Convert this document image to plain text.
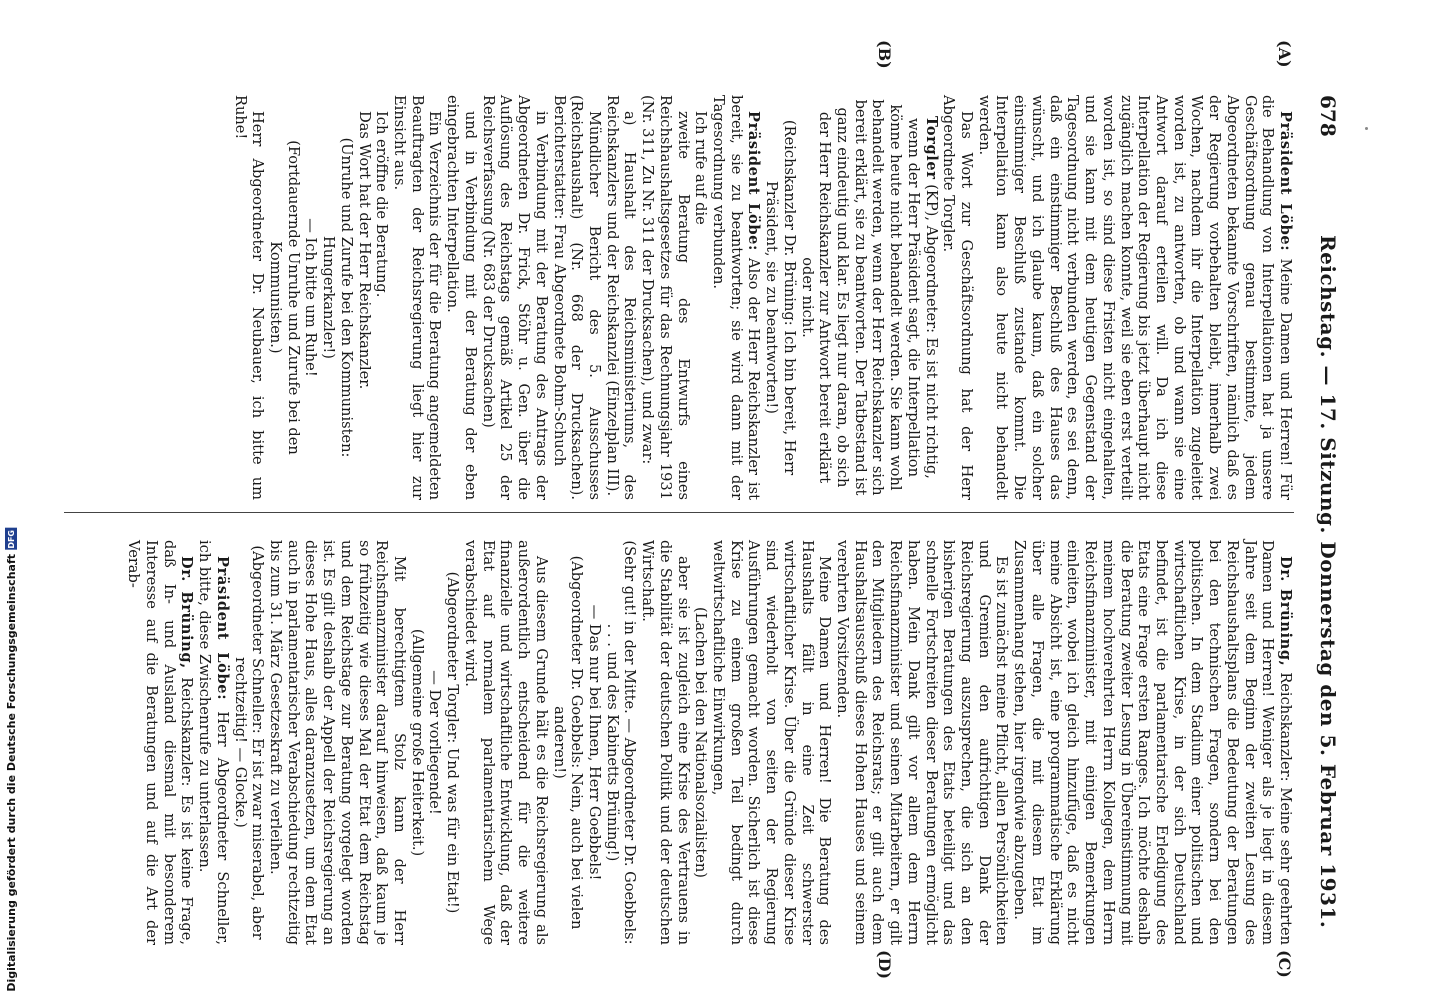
678
Reichstag. — 17. Sitzung. Donnerstag den 5. Februar 1931.
(A)
(B)
(C)
(D)

Präsident Löbe: Meine Damen und Herren! Für die Behandlung von Interpellationen hat ja unsere Geschäftsordnung genau bestimmte, jedem Abgeordneten bekannte Vorschriften, nämlich daß es der Regierung vorbehalten bleibt, innerhalb zwei Wochen, nachdem ihr die Interpellation zugeleitet worden ist, zu antworten, ob und wann sie eine Antwort darauf erteilen will. Da ich diese Interpellation der Regierung bis jetzt überhaupt nicht zugänglich machen konnte, weil sie eben erst verteilt worden ist, so sind diese Fristen nicht eingehalten, und sie kann mit dem heutigen Gegenstand der Tagesordnung nicht verbunden werden, es sei denn, daß ein einstimmiger Beschluß des Hauses das wünscht, und ich glaube kaum, daß ein solcher einstimmiger Beschluß zustande kommt. Die Interpellation kann also heute nicht behandelt werden.

Das Wort zur Geschäftsordnung hat der Herr Abgeordnete Torgler.

Torgler (KP), Abgeordneter: Es ist nicht richtig, wenn der Herr Präsident sagt, die Interpellation könne heute nicht behandelt werden. Sie kann wohl behandelt werden, wenn der Herr Reichskanzler sich bereit erklärt, sie zu beantworten. Der Tatbestand ist ganz eindeutig und klar. Es liegt nur daran, ob sich der Herr Reichskanzler zur Antwort bereit erklärt oder nicht.

(Reichskanzler Dr. Brüning: Ich bin bereit, Herr Präsident, sie zu beantworten!)

Präsident Löbe: Also der Herr Reichskanzler ist bereit, sie zu beantworten; sie wird dann mit der Tagesordnung verbunden.

Ich rufe auf die

zweite Beratung des Entwurfs eines Reichshaushaltsgesetzes für das Rechnungsjahr 1931 (Nr. 311, Zu Nr. 311 der Drucksachen), und zwar:

a) Haushalt des Reichsministeriums, des Reichskanzlers und der Reichskanzlei (Einzelplan III).

Mündlicher Bericht des 5. Ausschusses (Reichshaushalt) (Nr. 668 der Drucksachen). Berichterstatter: Frau Abgeordnete Bohm-Schuch

in Verbindung mit der Beratung des Antrags der Abgeordneten Dr. Frick, Stöhr u. Gen. über die Auflösung des Reichstags gemäß Artikel 25 der Reichsverfassung (Nr. 683 der Drucksachen)

und in Verbindung mit der Beratung der eben eingebrachten Interpellation.

Ein Verzeichnis der für die Beratung angemeldeten Beauftragten der Reichsregierung liegt hier zur Einsicht aus.

Ich eröffne die Beratung.

Das Wort hat der Herr Reichskanzler.

(Unruhe und Zurufe bei den Kommunisten: Hungerkanzler!)

— Ich bitte um Ruhe!

(Fortdauernde Unruhe und Zurufe bei den Kommunisten.)

Herr Abgeordneter Dr. Neubauer, ich bitte um Ruhe!

Dr. Brüning, Reichskanzler: Meine sehr geehrten Damen und Herren! Weniger als je liegt in diesem Jahre seit dem Beginn der zweiten Lesung des Reichshaushaltsplans die Bedeutung der Beratungen bei den technischen Fragen, sondern bei den politischen. In dem Stadium einer politischen und wirtschaftlichen Krise, in der sich Deutschland befindet, ist die parlamentarische Erledigung des Etats eine Frage ersten Ranges. Ich möchte deshalb die Beratung zweiter Lesung in Übereinstimmung mit meinem hochverehrten Herrn Kollegen, dem Herrn Reichsfinanzminister, mit einigen Bemerkungen einleiten, wobei ich gleich hinzufüge, daß es nicht meine Absicht ist, eine programmatische Erklärung über alle Fragen, die mit diesem Etat im Zusammenhang stehen, hier irgendwie abzugeben.

Es ist zunächst meine Pflicht, allen Persönlichkeiten und Gremien den aufrichtigen Dank der Reichsregierung auszusprechen, die sich an den bisherigen Beratungen des Etats beteiligt und das schnelle Fortschreiten dieser Beratungen ermöglicht haben. Mein Dank gilt vor allem dem Herrn Reichsfinanzminister und seinen Mitarbeitern, er gilt den Mitgliedern des Reichsrats; er gilt auch dem Haushaltsausschuß dieses Hohen Hauses und seinem verehrten Vorsitzenden.

Meine Damen und Herren! Die Beratung des Haushalts fällt in eine Zeit schwerster wirtschaftlicher Krise. Über die Gründe dieser Krise sind wiederholt von seiten der Regierung Ausführungen gemacht worden. Sicherlich ist diese Krise zu einem großen Teil bedingt durch weltwirtschaftliche Einwirkungen,

(Lachen bei den Nationalsozialisten)

aber sie ist zugleich eine Krise des Vertrauens in die Stabilität der deutschen Politik und der deutschen Wirtschaft.

(Sehr gut! in der Mitte. — Abgeordneter Dr. Goebbels: . . . und des Kabinetts Brüning!)

— Das nur bei Ihnen, Herr Goebbels!

(Abgeordneter Dr. Goebbels: Nein, auch bei vielen anderen!)

Aus diesem Grunde hält es die Reichsregierung als außerordentlich entscheidend für die weitere finanzielle und wirtschaftliche Entwicklung, daß der Etat auf normalem parlamentarischem Wege verabschiedet wird.

(Abgeordneter Torgler: Und was für ein Etat!)

— Der vorliegende!

(Allgemeine große Heiterkeit.)

Mit berechtigtem Stolz kann der Herr Reichsfinanzminister darauf hinweisen, daß kaum je so frühzeitig wie dieses Mal der Etat dem Reichstag und dem Reichstage zur Beratung vorgelegt worden ist. Es gilt deshalb der Appell der Reichsregierung an dieses Hohe Haus, alles daranzusetzen, um dem Etat auch in parlamentarischer Verabschiedung rechtzeitig bis zum 31. März Gesetzeskraft zu verleihen.

(Abgeordneter Schneller: Er ist zwar miserabel, aber rechtzeitig! — Glocke.)

Präsident Löbe: Herr Abgeordneter Schneller, ich bitte, diese Zwischenrufe zu unterlassen.

Dr. Brüning, Reichskanzler: Es ist keine Frage, daß In- und Ausland diesmal mit besonderem Interesse auf die Beratungen und auf die Art der Verab-

Digitalisierung gefördert durch die Deutsche Forschungsgemeinschaft
DFG
